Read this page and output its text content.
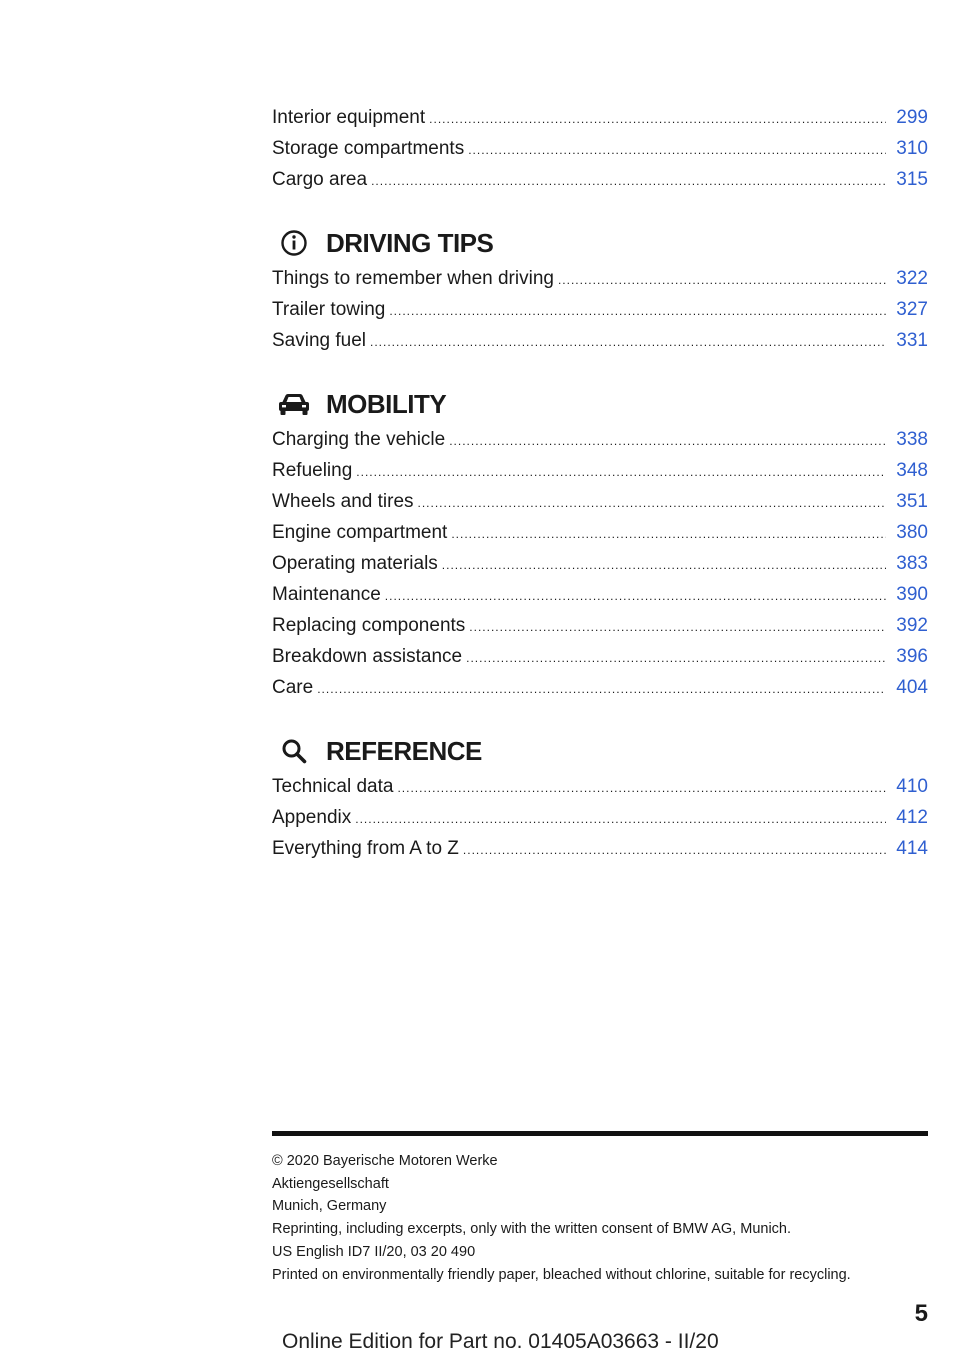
Interior equipment .....	299
Storage compartments .....	310
Cargo area .....	315
DRIVING TIPS
Things to remember when driving .....	322
Trailer towing .....	327
Saving fuel .....	331
MOBILITY
Charging the vehicle .....	338
Refueling .....	348
Wheels and tires .....	351
Engine compartment .....	380
Operating materials .....	383
Maintenance .....	390
Replacing components .....	392
Breakdown assistance .....	396
Care .....	404
REFERENCE
Technical data .....	410
Appendix .....	412
Everything from A to Z .....	414
© 2020 Bayerische Motoren Werke
Aktiengesellschaft
Munich, Germany
Reprinting, including excerpts, only with the written consent of BMW AG, Munich.
US English ID7 II/20, 03 20 490
Printed on environmentally friendly paper, bleached without chlorine, suitable for recycling.
5
Online Edition for Part no. 01405A03663 - II/20
